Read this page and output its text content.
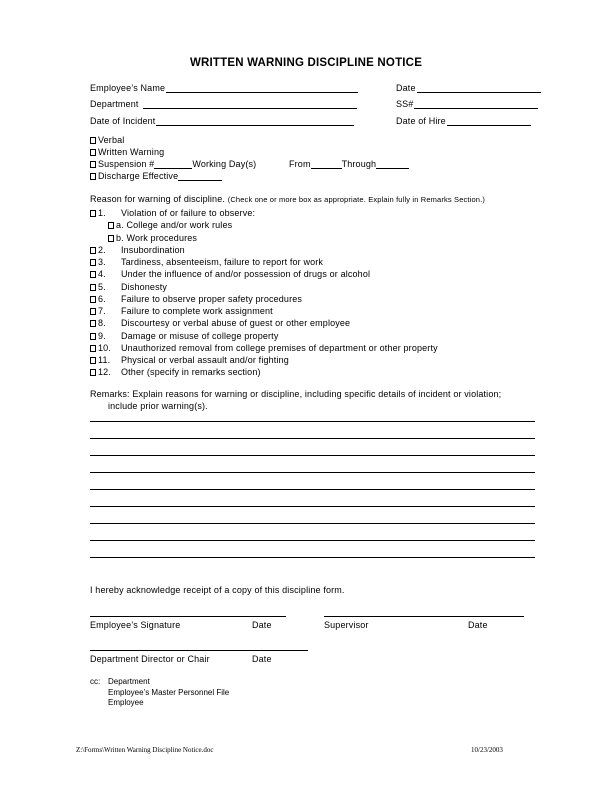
WRITTEN WARNING DISCIPLINE NOTICE
Employee’s Name	Date
Department	SS#
Date of Incident	Date of Hire
Verbal
Written Warning
Suspension #	Working Day(s)	From	Through
Discharge Effective
Reason for warning of discipline. (Check one or more box as appropriate. Explain fully in Remarks Section.)
1. Violation of or failure to observe:
a. College and/or work rules
b. Work procedures
2. Insubordination
3. Tardiness, absenteeism, failure to report for work
4. Under the influence of and/or possession of drugs or alcohol
5. Dishonesty
6. Failure to observe proper safety procedures
7. Failure to complete work assignment
8. Discourtesy or verbal abuse of guest or other employee
9. Damage or misuse of college property
10. Unauthorized removal from college premises of department or other property
11. Physical or verbal assault and/or fighting
12. Other (specify in remarks section)
Remarks: Explain reasons for warning or discipline, including specific details of incident or violation;
include prior warning(s).
I hereby acknowledge receipt of a copy of this discipline form.
Employee’s Signature	Date	Supervisor	Date
Department Director or Chair	Date
cc: Department
Employee’s Master Personnel File
Employee
Z:\Forms\Written Warning Discipline Notice.doc	10/23/2003
